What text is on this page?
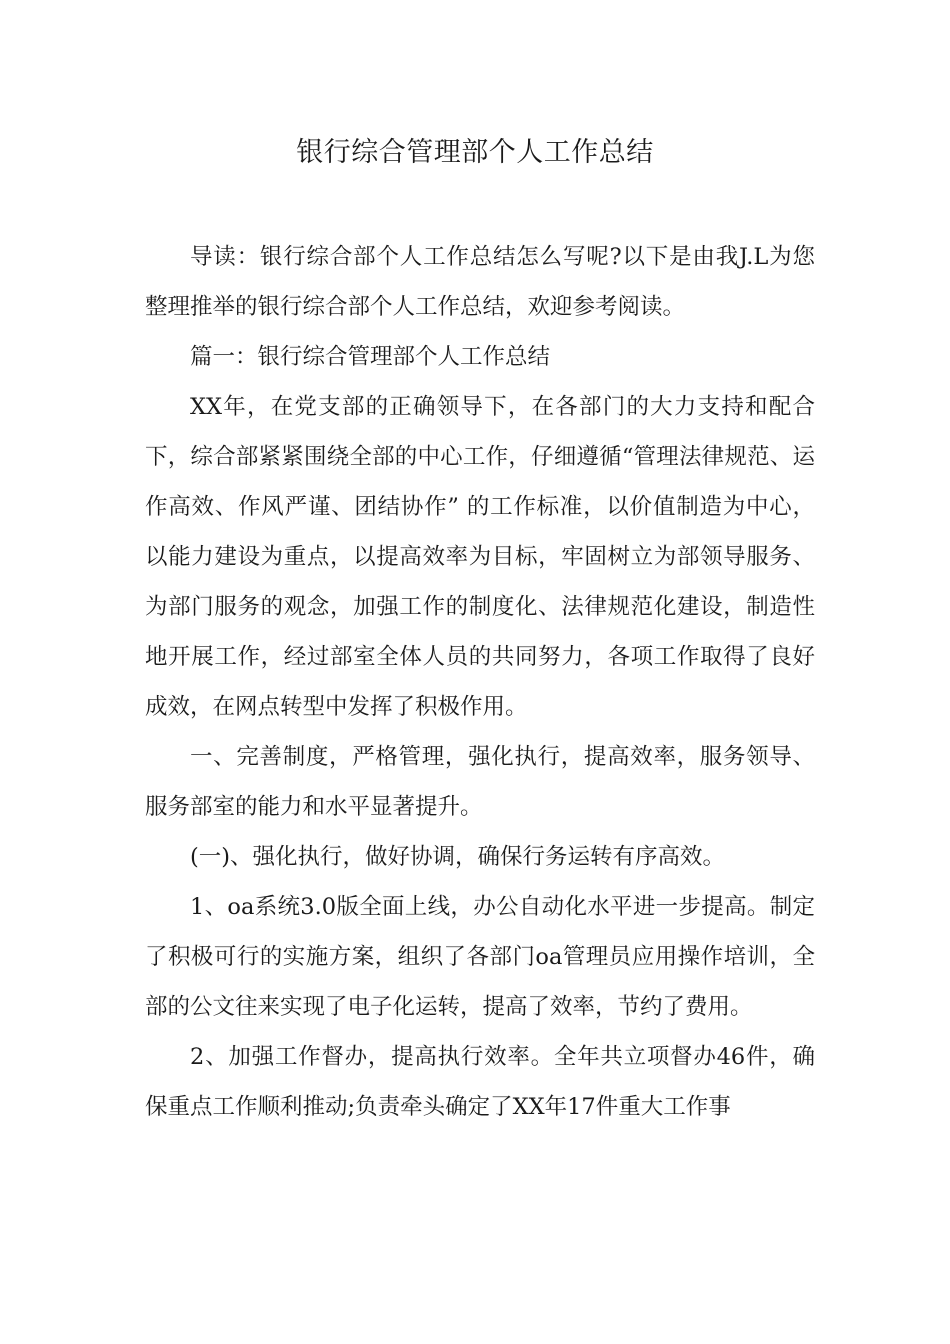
银行综合管理部个人工作总结

导读：银行综合部个人工作总结怎么写呢?以下是由我J.L为您整理推举的银行综合部个人工作总结，欢迎参考阅读。

篇一：银行综合管理部个人工作总结

XX年，在党支部的正确领导下，在各部门的大力支持和配合下，综合部紧紧围绕全部的中心工作，仔细遵循“管理法律规范、运作高效、作风严谨、团结协作” 的工作标准，以价值制造为中心，以能力建设为重点，以提高效率为目标，牢固树立为部领导服务、为部门服务的观念，加强工作的制度化、法律规范化建设，制造性地开展工作，经过部室全体人员的共同努力，各项工作取得了良好成效，在网点转型中发挥了积极作用。

一、完善制度，严格管理，强化执行，提高效率，服务领导、服务部室的能力和水平显著提升。

(一)、强化执行，做好协调，确保行务运转有序高效。

1、oa系统3.0版全面上线，办公自动化水平进一步提高。制定了积极可行的实施方案，组织了各部门oa管理员应用操作培训，全部的公文往来实现了电子化运转，提高了效率，节约了费用。

2、加强工作督办，提高执行效率。全年共立项督办46件，确保重点工作顺利推动;负责牵头确定了XX年17件重大工作事
